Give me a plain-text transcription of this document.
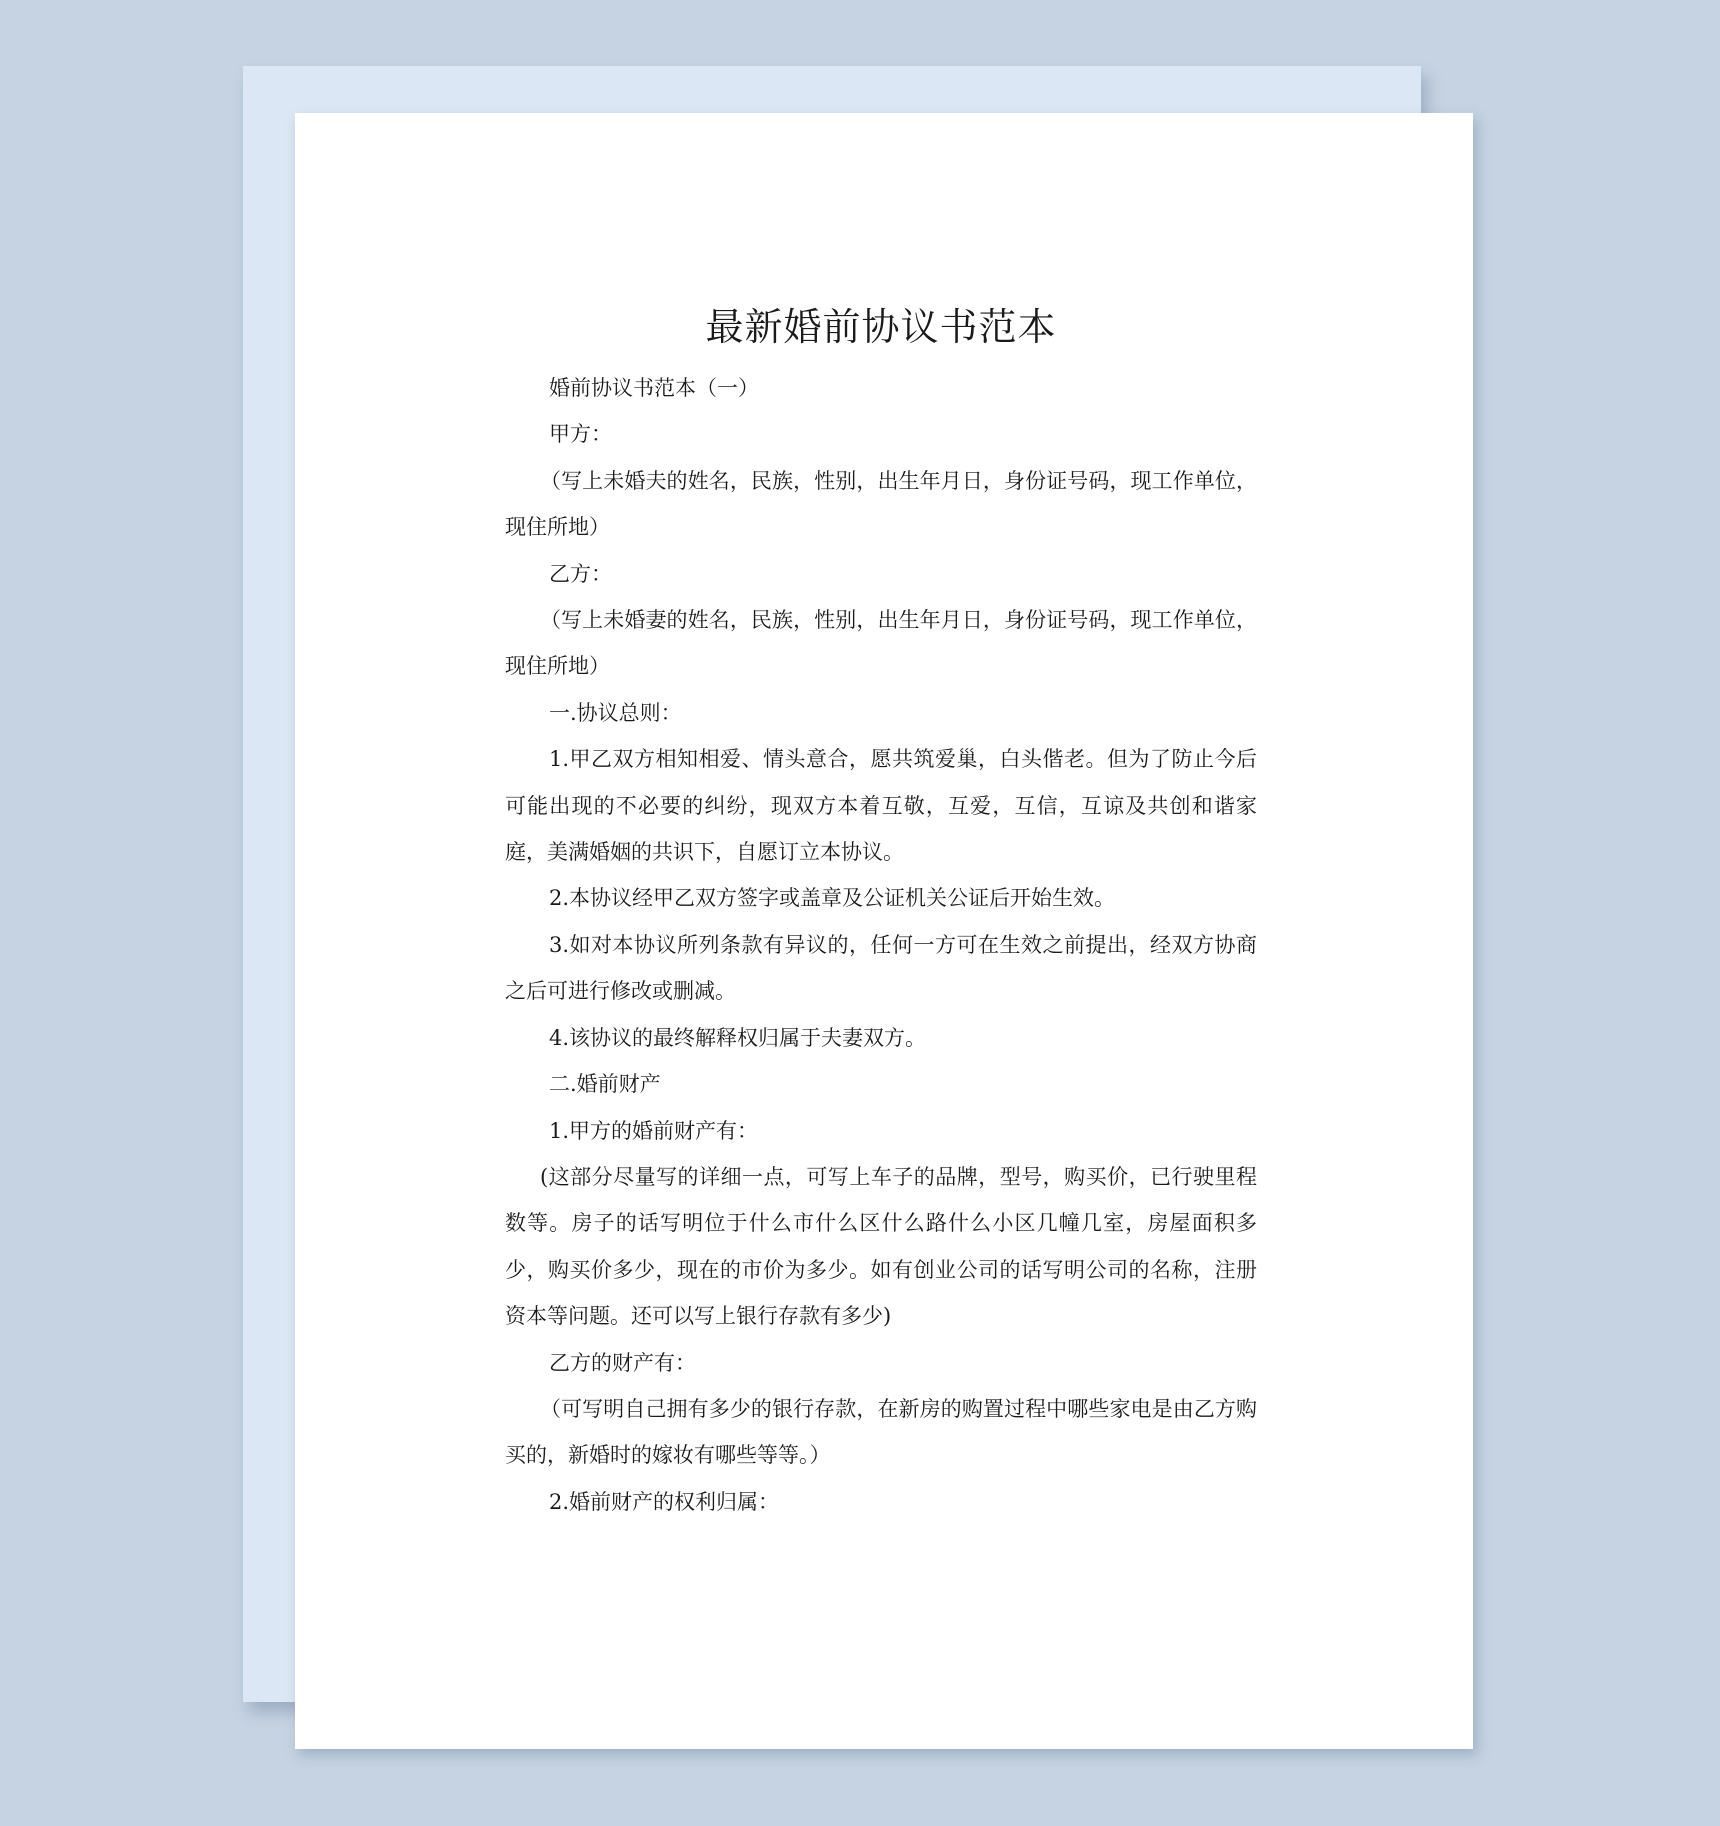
最新婚前协议书范本

婚前协议书范本（一）

甲方：

（写上未婚夫的姓名，民族，性别，出生年月日，身份证号码，现工作单位，现住所地）

乙方：

（写上未婚妻的姓名，民族，性别，出生年月日，身份证号码，现工作单位，现住所地）

一.协议总则：

1.甲乙双方相知相爱、情头意合，愿共筑爱巢，白头偕老。但为了防止今后可能出现的不必要的纠纷，现双方本着互敬，互爱，互信，互谅及共创和谐家庭，美满婚姻的共识下，自愿订立本协议。

2.本协议经甲乙双方签字或盖章及公证机关公证后开始生效。

3.如对本协议所列条款有异议的，任何一方可在生效之前提出，经双方协商之后可进行修改或删减。

4.该协议的最终解释权归属于夫妻双方。

二.婚前财产

1.甲方的婚前财产有：

(这部分尽量写的详细一点，可写上车子的品牌，型号，购买价，已行驶里程数等。房子的话写明位于什么市什么区什么路什么小区几幢几室，房屋面积多少，购买价多少，现在的市价为多少。如有创业公司的话写明公司的名称，注册资本等问题。还可以写上银行存款有多少)

乙方的财产有：

（可写明自己拥有多少的银行存款，在新房的购置过程中哪些家电是由乙方购买的，新婚时的嫁妆有哪些等等。）

2.婚前财产的权利归属：
